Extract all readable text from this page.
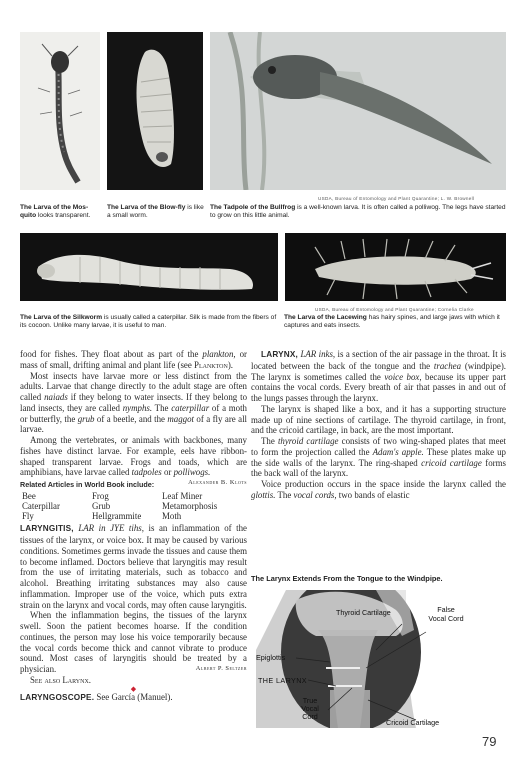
USDA, Bureau of Entomology and Plant Quarantine; L. W. Brownell
The Larva of the Mos-quito looks transparent.
The Larva of the Blow-fly is like a small worm.
The Tadpole of the Bullfrog is a well-known larva. It is often called a polliwog. The legs have started to grow on this little animal.
USDA, Bureau of Entomology and Plant Quarantine; Cornelia Clarke
The Larva of the Silkworm is usually called a caterpillar. Silk is made from the fibers of its cocoon. Unlike many larvae, it is useful to man.
The Larva of the Lacewing has hairy spines, and large jaws with which it captures and eats insects.

food for fishes. They float about as part of the plankton, or mass of small, drifting animal and plant life (see Plankton).

Most insects have larvae more or less distinct from the adults. Larvae that change directly to the adult stage are often called naiads if they belong to water insects. If they belong to land insects, they are called nymphs. The caterpillar of a moth or butterfly, the grub of a beetle, and the maggot of a fly are all larvae.

Among the vertebrates, or animals with backbones, many fishes have distinct larvae. For example, eels have ribbon-shaped transparent larvae. Frogs and toads, which are amphibians, have larvae called tadpoles or polliwogs.
Alexander B. Klots

Related Articles in World Book include:
Bee	Frog	Leaf Miner
Caterpillar	Grub	Metamorphosis
Fly	Hellgrammite	Moth

LARYNGITIS, LAR in JYE tihs, is an inflammation of the tissues of the larynx, or voice box. It may be caused by various conditions. Sometimes germs invade the tissues and cause them to become inflamed. Doctors believe that laryngitis may result from the use of irritating materials, such as tobacco and alcohol. Breathing irritating substances may also cause inflammation. Improper use of the voice, which puts extra strain on the larynx and vocal cords, may often cause laryngitis.

When the inflammation begins, the tissues of the larynx swell. Soon the patient becomes hoarse. If the condition continues, the person may lose his voice temporarily because the vocal cords become thick and cannot vibrate to produce sound. Most cases of laryngitis should be treated by a physician.	Albert P. Seltzer

See also Larynx.

◆

LARYNGOSCOPE. See García (Manuel).

LARYNX, LAR inks, is a section of the air passage in the throat. It is located between the back of the tongue and the trachea (windpipe). The larynx is sometimes called the voice box, because its upper part contains the vocal cords. Every breath of air that passes in and out of the lungs passes through the larynx.

The larynx is shaped like a box, and it has a supporting structure made up of nine sections of cartilage. The thyroid cartilage, in front, and the cricoid cartilage, in back, are the most important.

The thyroid cartilage consists of two wing-shaped plates that meet to form the projection called the Adam's apple. These plates make up the side walls of the larynx. The ring-shaped cricoid cartilage forms the back wall of the larynx.

Voice production occurs in the space inside the larynx called the glottis. The vocal cords, two bands of elastic

The Larynx Extends From the Tongue to the Windpipe.
Thyroid Cartilage	False Vocal Cord
Epiglottis
THE LARYNX
True Vocal Cord
Cricoid Cartilage
79
